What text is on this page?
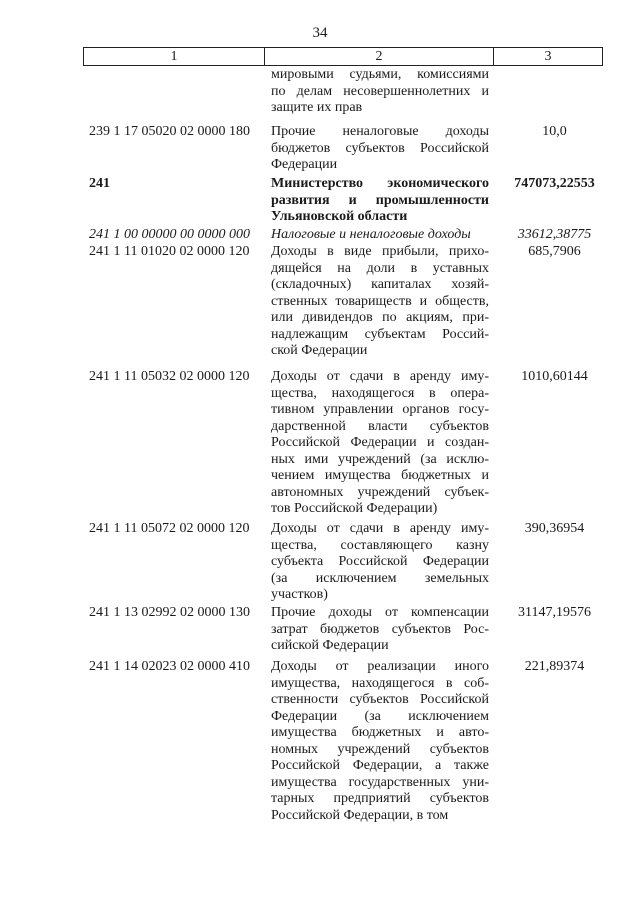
34
1	2	3
мировыми судьями, комиссиями
по делам несовершеннолетних и
защите их прав
239 1 17 05020 02 0000 180	Прочие неналоговые доходы
бюджетов субъектов Российской
Федерации
10,0
241	Министерство экономического
развития и промышленности
Ульяновской области
747073,22553
241 1 00 00000 00 0000 000	Налоговые и неналоговые доходы	33612,38775
241 1 11 01020 02 0000 120	Доходы в виде прибыли, прихо-
дящейся на доли в уставных
(складочных) капиталах хозяй-
ственных товариществ и обществ,
или дивидендов по акциям, при-
надлежащим субъектам Россий-
ской Федерации
685,7906
241 1 11 05032 02 0000 120	Доходы от сдачи в аренду иму-
щества, находящегося в опера-
тивном управлении органов госу-
дарственной власти субъектов
Российской Федерации и создан-
ных ими учреждений (за исклю-
чением имущества бюджетных и
автономных учреждений субъек-
тов Российской Федерации)
1010,60144
241 1 11 05072 02 0000 120	Доходы от сдачи в аренду иму-
щества, составляющего казну
субъекта Российской Федерации
(за исключением земельных
участков)
390,36954
241 1 13 02992 02 0000 130	Прочие доходы от компенсации
затрат бюджетов субъектов Рос-
сийской Федерации
31147,19576
241 1 14 02023 02 0000 410	Доходы от реализации иного
имущества, находящегося в соб-
ственности субъектов Российской
Федерации (за исключением
имущества бюджетных и авто-
номных учреждений субъектов
Российской Федерации, а также
имущества государственных уни-
тарных предприятий субъектов
Российской Федерации, в том
221,89374
